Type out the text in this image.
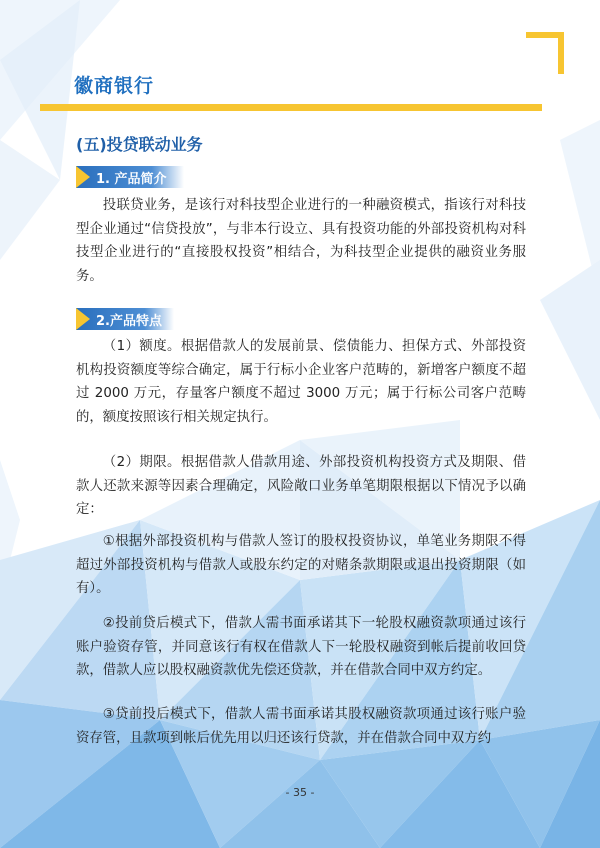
徽商银行
(五)投贷联动业务
1. 产品简介

投联贷业务，是该行对科技型企业进行的一种融资模式，指该行对科技型企业通过“信贷投放”，与非本行设立、具有投资功能的外部投资机构对科技型企业进行的“直接股权投资”相结合，为科技型企业提供的融资业务服务。

2.产品特点

（1）额度。根据借款人的发展前景、偿债能力、担保方式、外部投资机构投资额度等综合确定，属于行标小企业客户范畴的，新增客户额度不超过 2000 万元，存量客户额度不超过 3000 万元；属于行标公司客户范畴的，额度按照该行相关规定执行。

（2）期限。根据借款人借款用途、外部投资机构投资方式及期限、借款人还款来源等因素合理确定，风险敞口业务单笔期限根据以下情况予以确定：

①根据外部投资机构与借款人签订的股权投资协议，单笔业务期限不得超过外部投资机构与借款人或股东约定的对赌条款期限或退出投资期限（如有）。

②投前贷后模式下，借款人需书面承诺其下一轮股权融资款项通过该行账户验资存管，并同意该行有权在借款人下一轮股权融资到帐后提前收回贷款，借款人应以股权融资款优先偿还贷款，并在借款合同中双方约定。

③贷前投后模式下，借款人需书面承诺其股权融资款项通过该行账户验资存管，且款项到帐后优先用以归还该行贷款，并在借款合同中双方约

- 35 -
